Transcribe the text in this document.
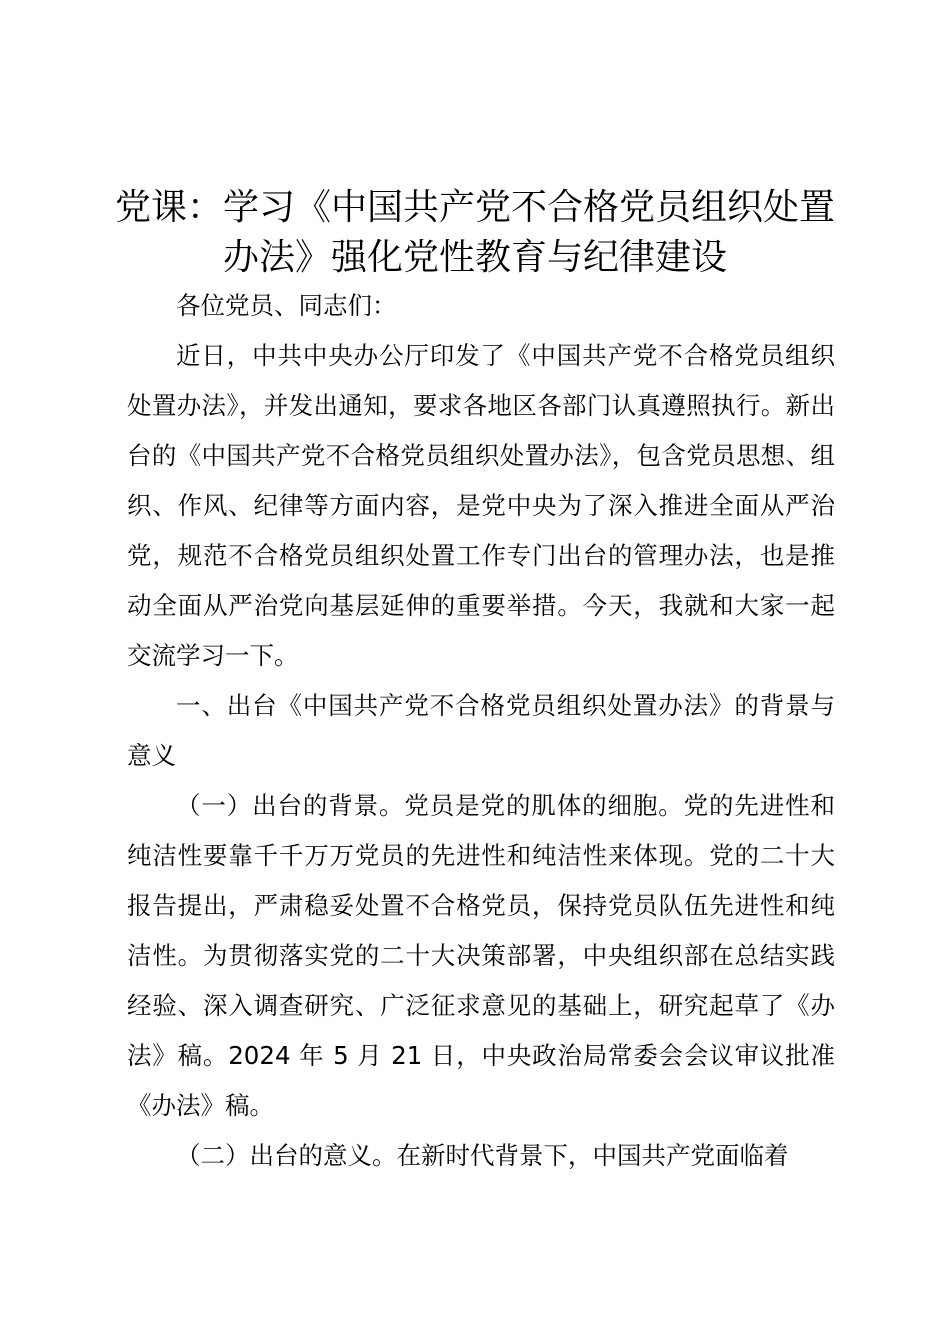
党课：学习《中国共产党不合格党员组织处置
办法》强化党性教育与纪律建设

各位党员、同志们：

近日，中共中央办公厅印发了《中国共产党不合格党员组织处置办法》，并发出通知，要求各地区各部门认真遵照执行。新出台的《中国共产党不合格党员组织处置办法》，包含党员思想、组织、作风、纪律等方面内容，是党中央为了深入推进全面从严治党，规范不合格党员组织处置工作专门出台的管理办法，也是推动全面从严治党向基层延伸的重要举措。今天，我就和大家一起交流学习一下。

一、出台《中国共产党不合格党员组织处置办法》的背景与意义

（一）出台的背景。党员是党的肌体的细胞。党的先进性和纯洁性要靠千千万万党员的先进性和纯洁性来体现。党的二十大报告提出，严肃稳妥处置不合格党员，保持党员队伍先进性和纯洁性。为贯彻落实党的二十大决策部署，中央组织部在总结实践经验、深入调查研究、广泛征求意见的基础上，研究起草了《办法》稿。2024 年 5 月 21 日，中央政治局常委会会议审议批准《办法》稿。

（二）出台的意义。在新时代背景下，中国共产党面临着
